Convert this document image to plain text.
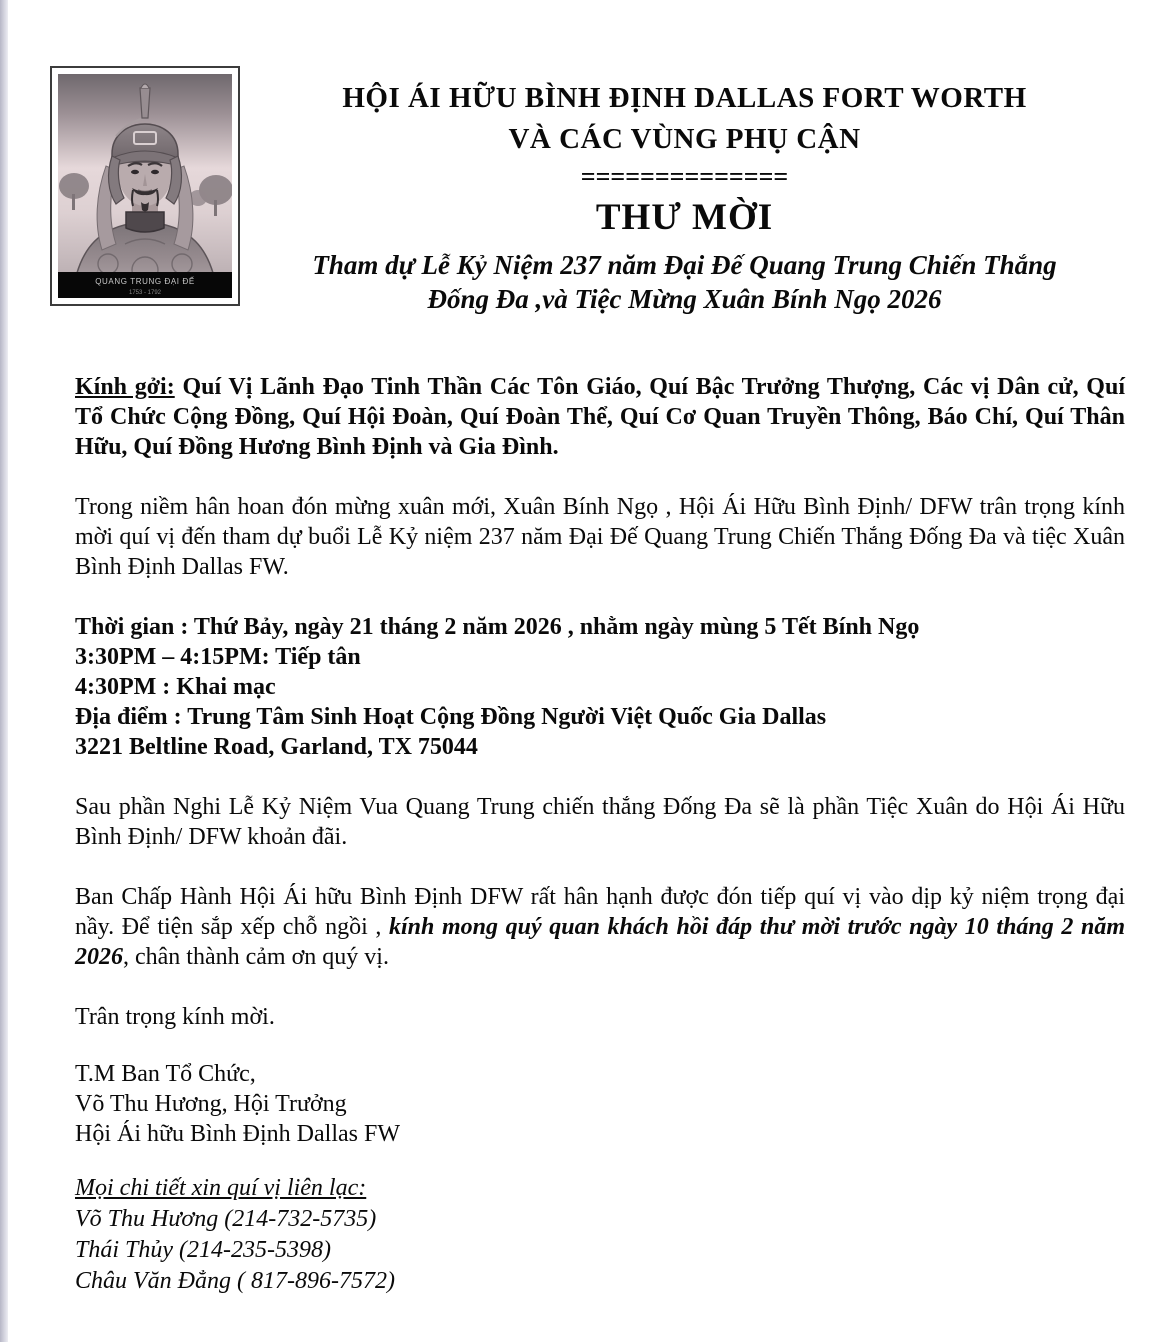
QUANG TRUNG ĐẠI ĐẾ
1753 - 1792
HỘI ÁI HỮU BÌNH ĐỊNH DALLAS FORT WORTH
VÀ CÁC VÙNG PHỤ CẬN
==============
THƯ MỜI
Tham dự Lễ Kỷ Niệm 237 năm Đại Đế Quang Trung Chiến Thắng
Đống Đa ,và Tiệc Mừng Xuân Bính Ngọ 2026

Kính gởi: Quí Vị Lãnh Đạo Tinh Thần Các Tôn Giáo, Quí Bậc Trưởng Thượng, Các vị Dân cử, Quí Tổ Chức Cộng Đồng, Quí Hội Đoàn, Quí Đoàn Thể, Quí Cơ Quan Truyền Thông, Báo Chí, Quí Thân Hữu, Quí Đồng Hương Bình Định và Gia Đình.

Trong niềm hân hoan đón mừng xuân mới, Xuân Bính Ngọ , Hội Ái Hữu Bình Định/ DFW trân trọng kính mời quí vị đến tham dự buổi Lễ Kỷ niệm 237 năm Đại Đế Quang Trung Chiến Thắng Đống Đa và tiệc Xuân Bình Định Dallas FW.

Thời gian : Thứ Bảy, ngày 21 tháng 2 năm 2026 , nhằm ngày mùng 5 Tết Bính Ngọ
3:30PM – 4:15PM: Tiếp tân
4:30PM : Khai mạc
Địa điểm : Trung Tâm Sinh Hoạt Cộng Đồng Người Việt Quốc Gia Dallas
3221 Beltline Road, Garland, TX 75044

Sau phần Nghi Lễ Kỷ Niệm Vua Quang Trung chiến thắng Đống Đa sẽ là phần Tiệc Xuân do Hội Ái Hữu Bình Định/ DFW khoản đãi.

Ban Chấp Hành Hội Ái hữu Bình Định DFW rất hân hạnh được đón tiếp quí vị vào dịp kỷ niệm trọng đại nầy. Để tiện sắp xếp chỗ ngồi , kính mong quý quan khách hồi đáp thư mời trước ngày 10 tháng 2 năm 2026, chân thành cảm ơn quý vị.

Trân trọng kính mời.

T.M Ban Tổ Chức,
Võ Thu Hương, Hội Trưởng
Hội Ái hữu Bình Định Dallas FW
Mọi chi tiết xin quí vị liên lạc:
Võ Thu Hương (214-732-5735)
Thái Thủy (214-235-5398)
Châu Văn Đẳng ( 817-896-7572)
